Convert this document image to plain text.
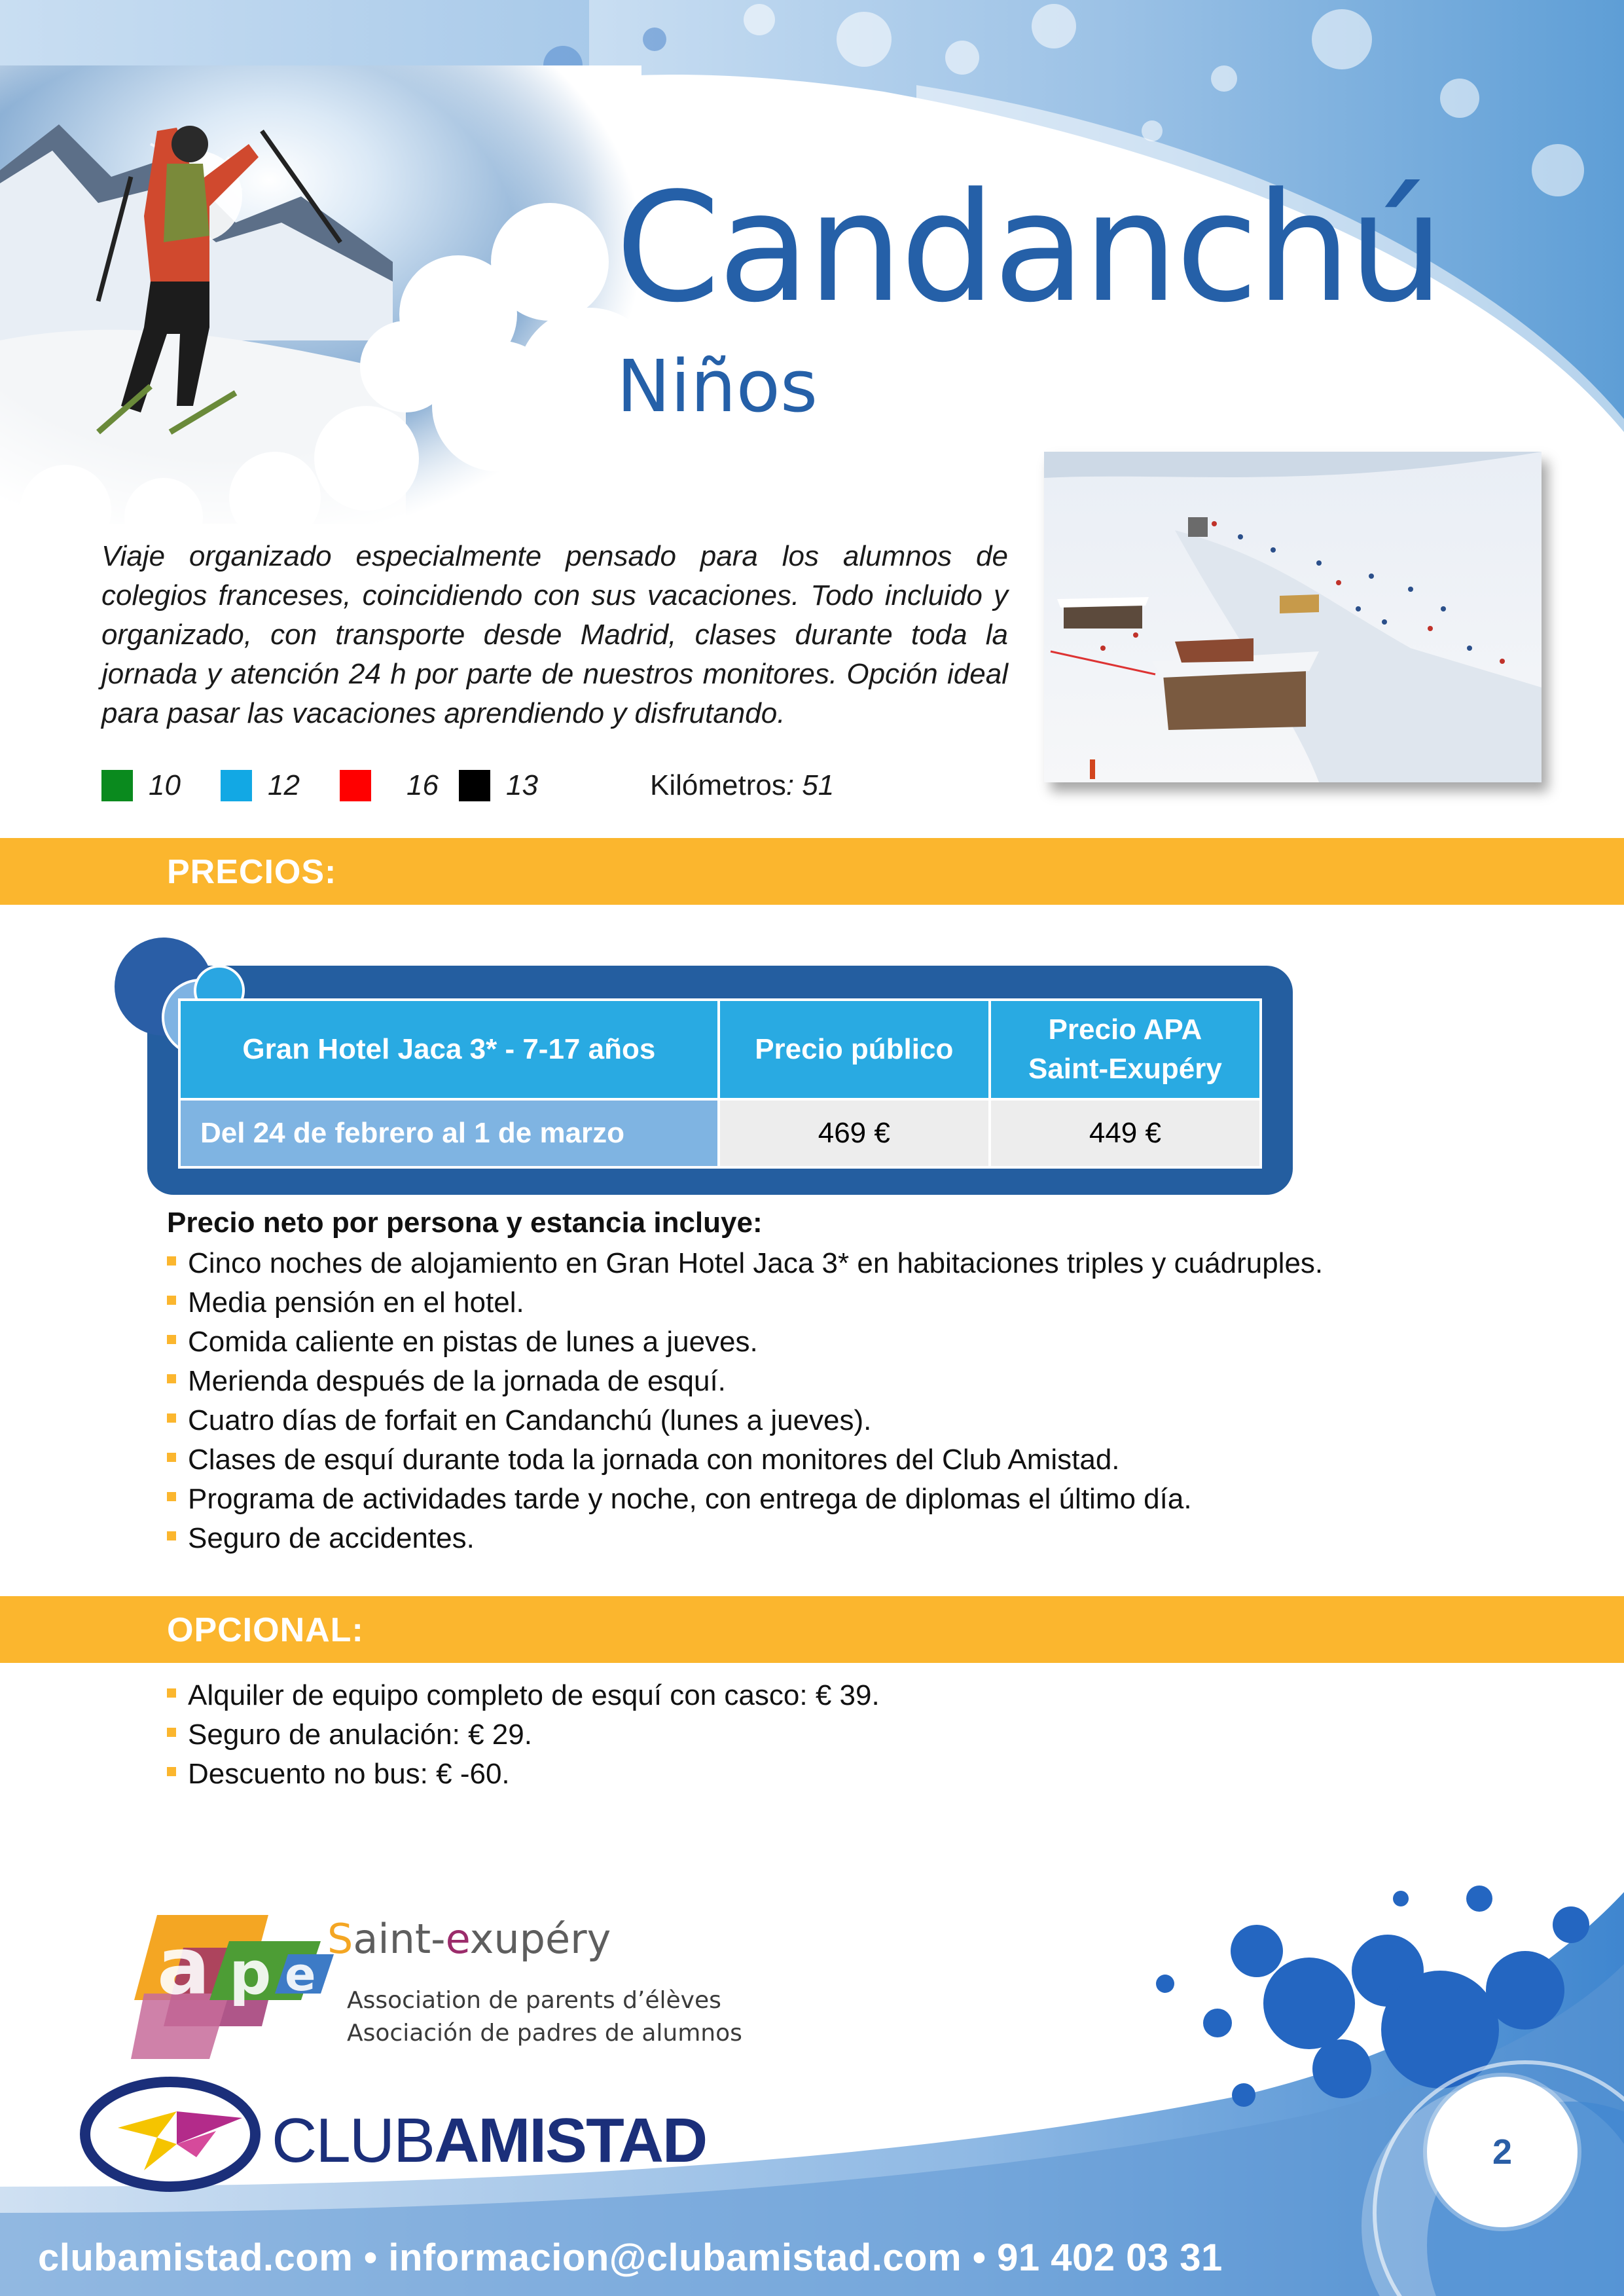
Candanchú
Niños

Viaje organizado especialmente pensado para los alumnos de colegios franceses, coincidiendo con sus vacaciones. Todo incluido y organizado, con transporte desde Madrid, clases durante toda la jornada y atención 24 h por parte de nuestros monitores. Opción ideal para pasar las vacaciones aprendiendo y disfrutando.

10	12	16	13	Kilómetros: 51
PRECIOS:
Gran Hotel Jaca 3* - 7-17 años	Precio público	Precio APA
Saint-Exupéry
Del 24 de febrero al 1 de marzo	469 €	449 €
Precio neto por persona y estancia incluye:
Cinco noches de alojamiento en Gran Hotel Jaca 3* en habitaciones triples y cuádruples.
Media pensión en el hotel.
Comida caliente en pistas de lunes a jueves.
Merienda después de la jornada de esquí.
Cuatro días de forfait en Candanchú (lunes a jueves).
Clases de esquí durante toda la jornada con monitores del Club Amistad.
Programa de actividades tarde y noche, con entrega de diplomas el último día.
Seguro de accidentes.
OPCIONAL:
Alquiler de equipo completo de esquí con casco: € 39.
Seguro de anulación: € 29.
Descuento no bus: € -60.
a p e
Saint-exupéry
Association de parents d’élèves
Asociación de padres de alumnos
CLUBAMISTAD	2
clubamistad.com • informacion@clubamistad.com • 91 402 03 31
